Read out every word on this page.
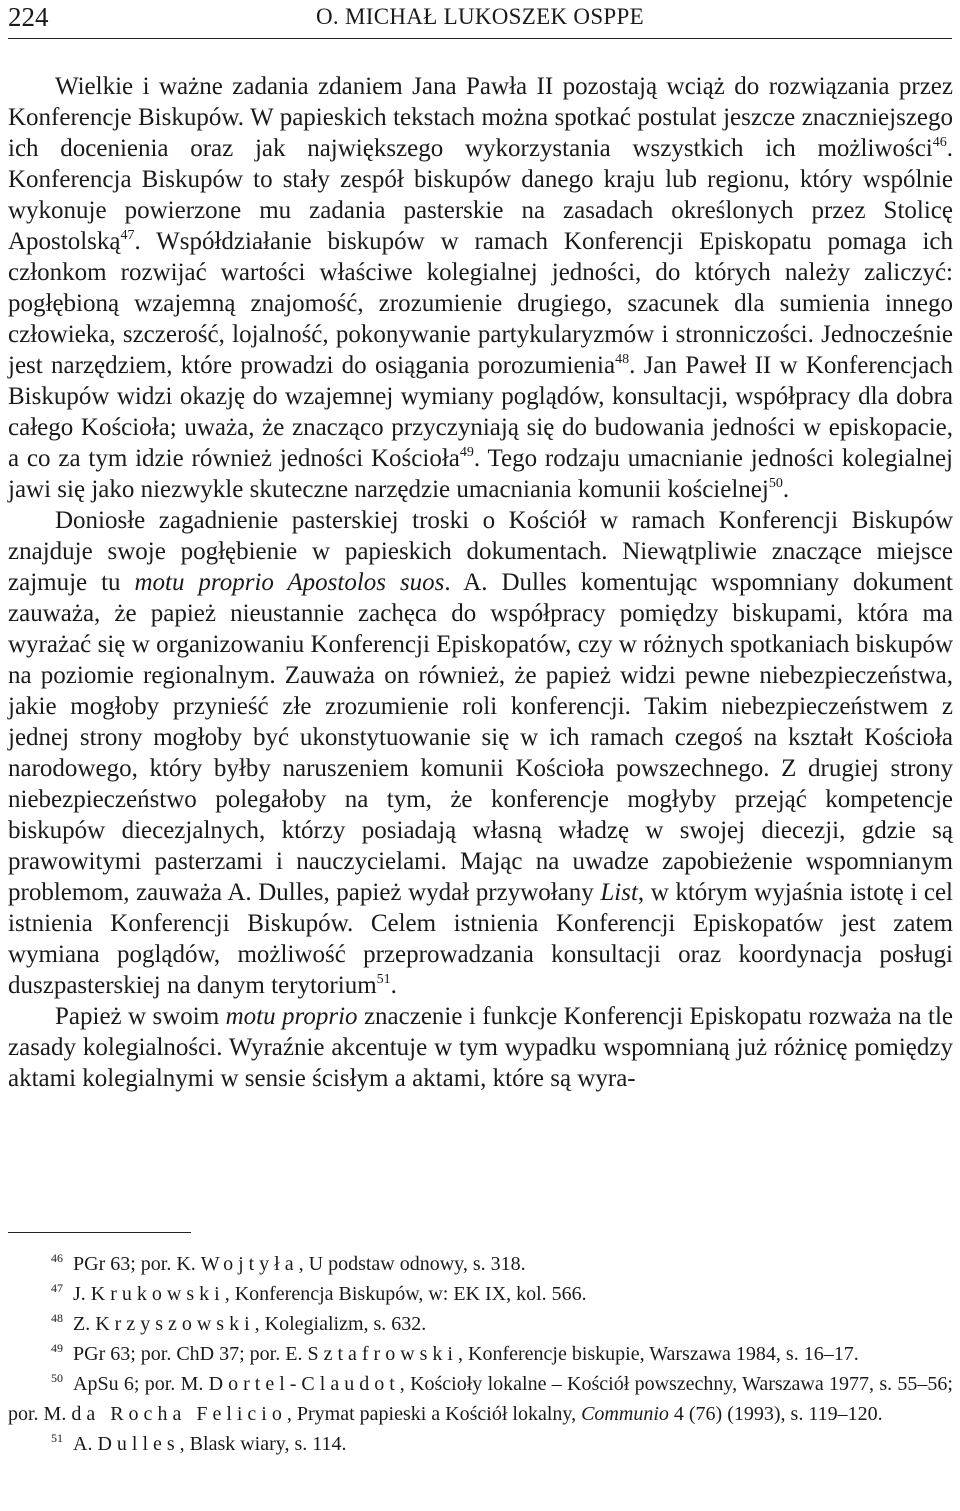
224	O. MICHAŁ LUKOSZEK OSPPE

Wielkie i ważne zadania zdaniem Jana Pawła II pozostają wciąż do rozwiązania przez Konferencje Biskupów. W papieskich tekstach można spotkać postulat jeszcze znaczniejszego ich docenienia oraz jak największego wykorzystania wszystkich ich możliwości$^{46}$. Konferencja Biskupów to stały zespół biskupów danego kraju lub regionu, który wspólnie wykonuje powierzone mu zadania pasterskie na zasadach określonych przez Stolicę Apostolską$^{47}$. Współdziałanie biskupów w ramach Konferencji Episkopatu pomaga ich członkom rozwijać wartości właściwe kolegialnej jedności, do których należy zaliczyć: pogłębioną wzajemną znajomość, zrozumienie drugiego, szacunek dla sumienia innego człowieka, szczerość, lojalność, pokonywanie partykularyzmów i stronniczości. Jednocześnie jest narzędziem, które prowadzi do osiągania porozumienia$^{48}$. Jan Paweł II w Konferencjach Biskupów widzi okazję do wzajemnej wymiany poglądów, konsultacji, współpracy dla dobra całego Kościoła; uważa, że znacząco przyczyniają się do budowania jedności w episkopacie, a co za tym idzie również jedności Kościoła$^{49}$. Tego rodzaju umacnianie jedności kolegialnej jawi się jako niezwykle skuteczne narzędzie umacniania komunii kościelnej$^{50}$.

Doniosłe zagadnienie pasterskiej troski o Kościół w ramach Konferencji Biskupów znajduje swoje pogłębienie w papieskich dokumentach. Niewątpliwie znaczące miejsce zajmuje tu motu proprio Apostolos suos. A. Dulles komentując wspomniany dokument zauważa, że papież nieustannie zachęca do współpracy pomiędzy biskupami, która ma wyrażać się w organizowaniu Konferencji Episkopatów, czy w różnych spotkaniach biskupów na poziomie regionalnym. Zauważa on również, że papież widzi pewne niebezpieczeństwa, jakie mogłoby przynieść złe zrozumienie roli konferencji. Takim niebezpieczeństwem z jednej strony mogłoby być ukonstytuowanie się w ich ramach czegoś na kształt Kościoła narodowego, który byłby naruszeniem komunii Kościoła powszechnego. Z drugiej strony niebezpieczeństwo polegałoby na tym, że konferencje mogłyby przejąć kompetencje biskupów diecezjalnych, którzy posiadają własną władzę w swojej diecezji, gdzie są prawowitymi pasterzami i nauczycielami. Mając na uwadze zapobieżenie wspomnianym problemom, zauważa A. Dulles, papież wydał przywołany List, w którym wyjaśnia istotę i cel istnienia Konferencji Biskupów. Celem istnienia Konferencji Episkopatów jest zatem wymiana poglądów, możliwość przeprowadzania konsultacji oraz koordynacja posługi duszpasterskiej na danym terytorium$^{51}$.

Papież w swoim motu proprio znaczenie i funkcje Konferencji Episkopatu rozważa na tle zasady kolegialności. Wyraźnie akcentuje w tym wypadku wspomnianą już różnicę pomiędzy aktami kolegialnymi w sensie ścisłym a aktami, które są wyra-

$^{46}$  PGr 63; por. K. Wojtyła, U podstaw odnowy, s. 318.

$^{47}$  J. Krukowski, Konferencja Biskupów, w: EK IX, kol. 566.

$^{48}$  Z. Krzyszowski, Kolegializm, s. 632.

$^{49}$  PGr 63; por. ChD 37; por. E. Sztafrowski, Konferencje biskupie, Warszawa 1984, s. 16–17.

$^{50}$  ApSu 6; por. M. Dortel-Claudot, Kościoły lokalne – Kościół powszechny, Warszawa 1977, s. 55–56; por. M. da Rocha Felicio, Prymat papieski a Kościół lokalny, Communio 4 (76) (1993), s. 119–120.

$^{51}$  A. Dulles, Blask wiary, s. 114.
